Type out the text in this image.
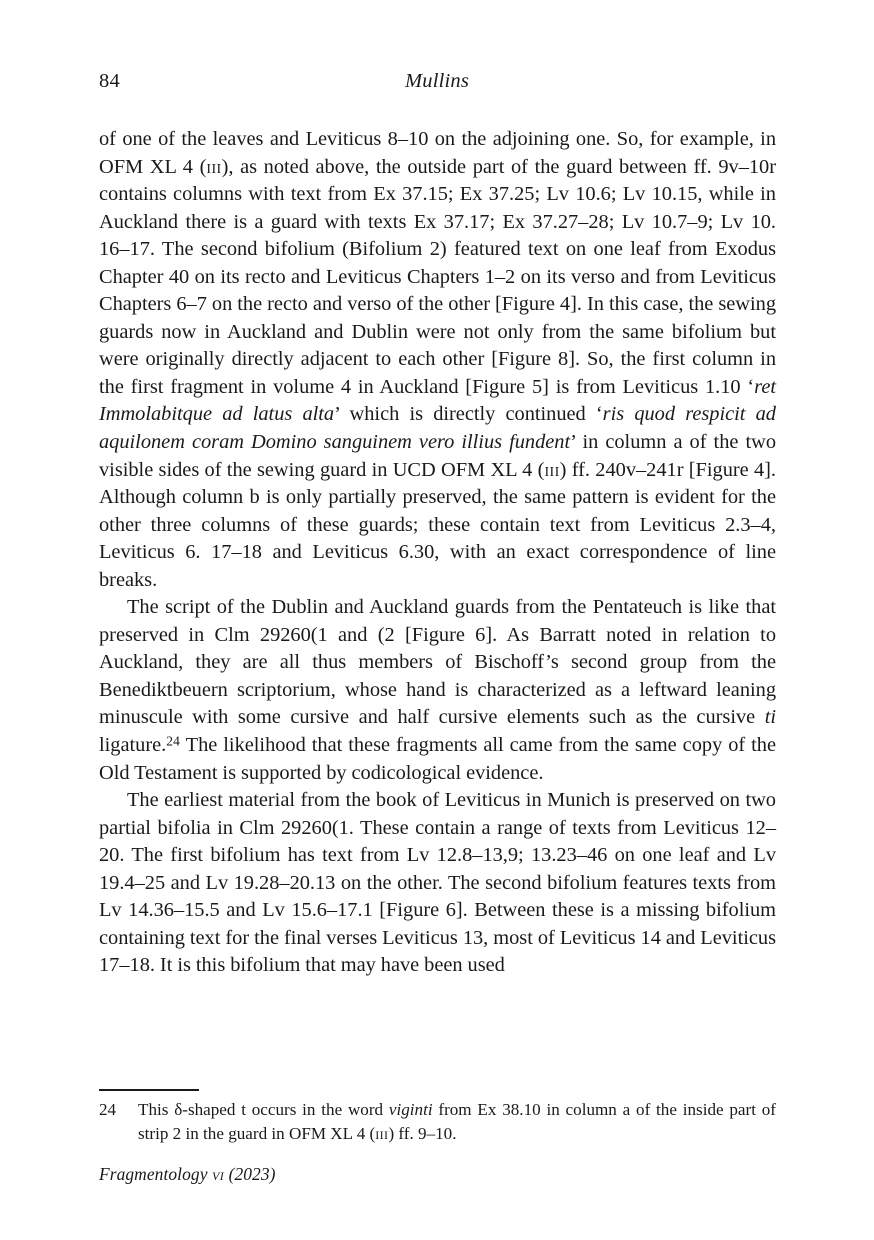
84	Mullins

of one of the leaves and Leviticus 8–10 on the adjoining one. So, for example, in OFM XL 4 (iii), as noted above, the outside part of the guard between ff. 9v–10r contains columns with text from Ex 37.15; Ex 37.25; Lv 10.6; Lv 10.15, while in Auckland there is a guard with texts Ex 37.17; Ex 37.27–28; Lv 10.7–9; Lv 10. 16–17. The second bifolium (Bifolium 2) featured text on one leaf from Exodus Chapter 40 on its recto and Leviticus Chapters 1–2 on its verso and from Leviticus Chapters 6–7 on the recto and verso of the other [Figure 4]. In this case, the sewing guards now in Auckland and Dublin were not only from the same bifolium but were originally directly adjacent to each other [Figure 8]. So, the first column in the first fragment in volume 4 in Auckland [Figure 5] is from Leviticus 1.10 ‘ret Immolabitque ad latus alta’ which is directly continued ‘ris quod respicit ad aquilonem coram Domino sanguinem vero illius fundent’ in column a of the two visible sides of the sewing guard in UCD OFM XL 4 (iii) ff. 240v–241r [Figure 4]. Although column b is only partially preserved, the same pattern is evident for the other three columns of these guards; these contain text from Leviticus 2.3–4, Leviticus 6. 17–18 and Leviticus 6.30, with an exact correspondence of line breaks.

The script of the Dublin and Auckland guards from the Pentateuch is like that preserved in Clm 29260(1 and (2 [Figure 6]. As Barratt noted in relation to Auckland, they are all thus members of Bischoff’s second group from the Benediktbeuern scriptorium, whose hand is characterized as a leftward leaning minuscule with some cursive and half cursive elements such as the cursive ti ligature.$^{24}$ The likelihood that these fragments all came from the same copy of the Old Testament is supported by codicological evidence.

The earliest material from the book of Leviticus in Munich is preserved on two partial bifolia in Clm 29260(1. These contain a range of texts from Leviticus 12–20. The first bifolium has text from Lv 12.8–13,9; 13.23–46 on one leaf and Lv 19.4–25 and Lv 19.28–20.13 on the other. The second bifolium features texts from Lv 14.36–15.5 and Lv 15.6–17.1 [Figure 6]. Between these is a missing bifolium containing text for the final verses Leviticus 13, most of Leviticus 14 and Leviticus 17–18. It is this bifolium that may have been used

24	This δ-shaped t occurs in the word viginti from Ex 38.10 in column a of the inside part of strip 2 in the guard in OFM XL 4 (iii) ff. 9–10.
Fragmentology vi (2023)
